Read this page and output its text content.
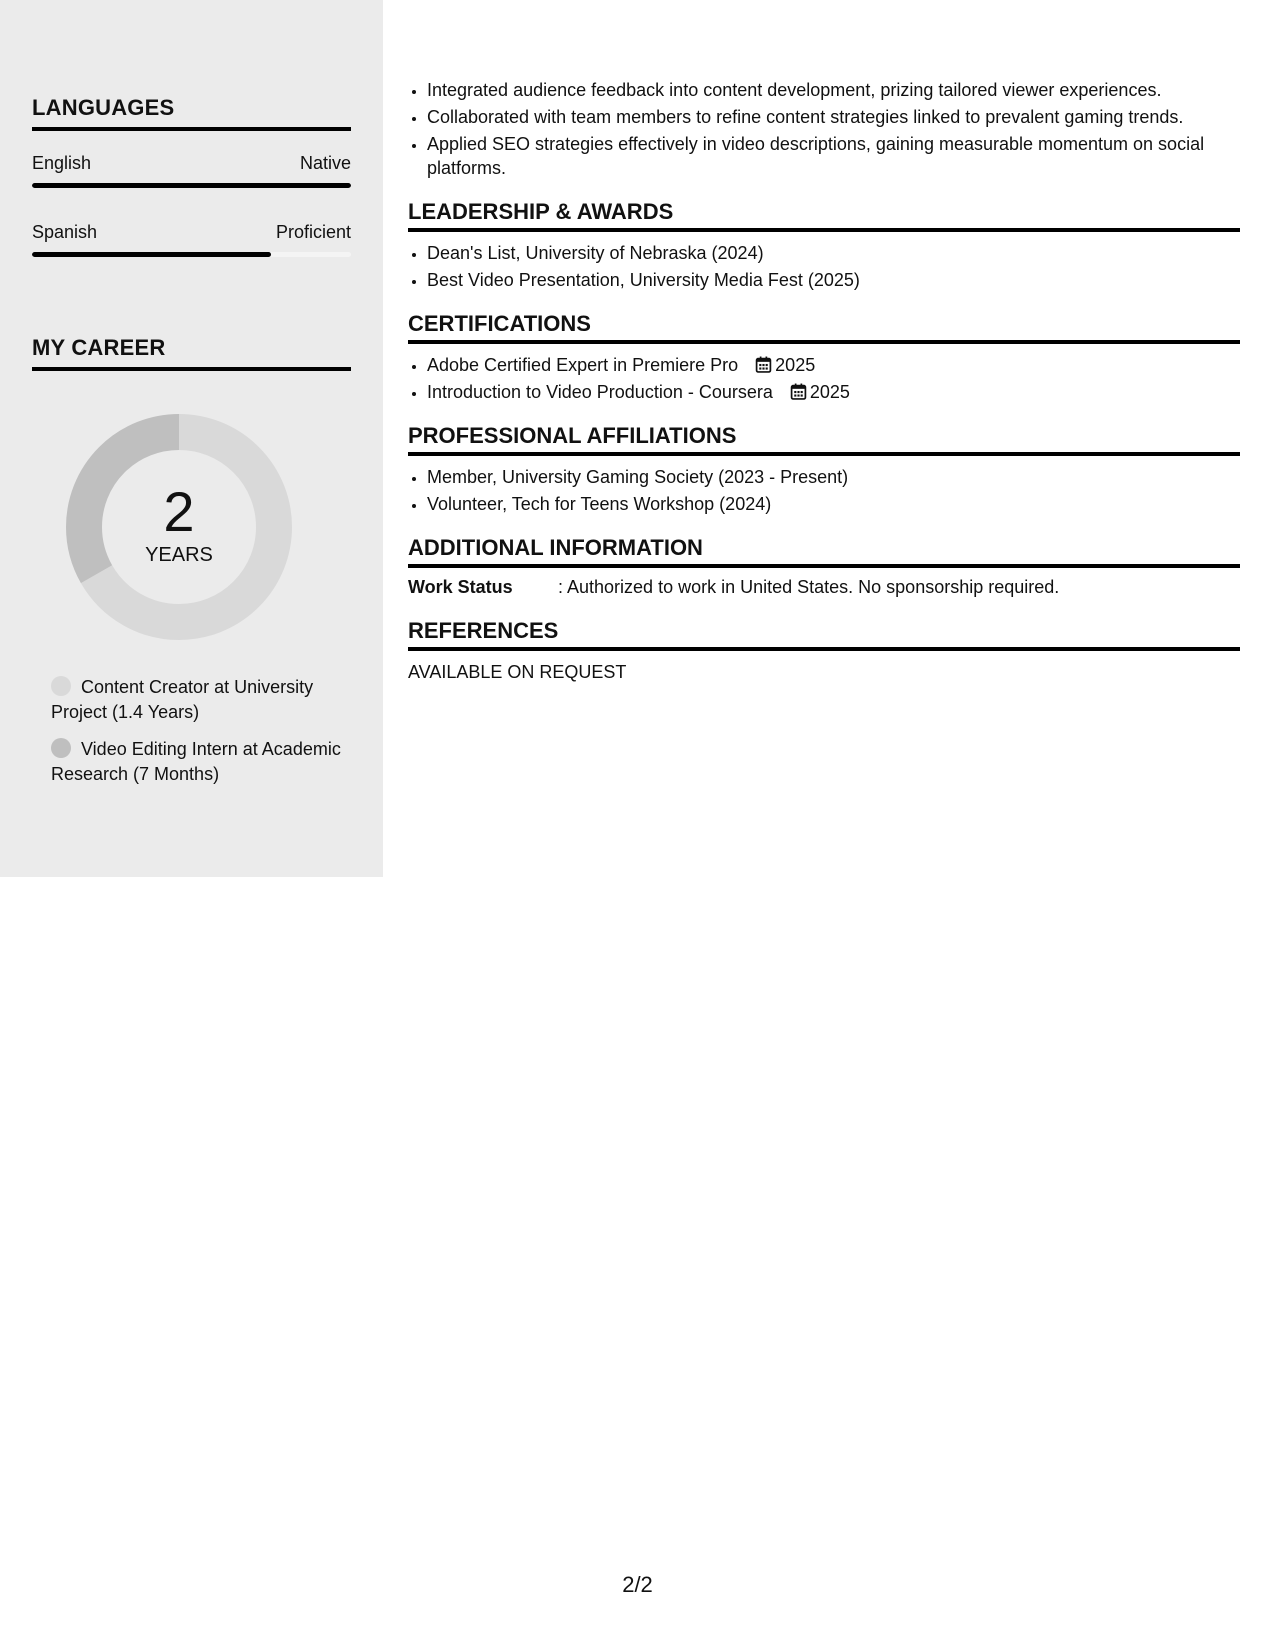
LANGUAGES
English	Native
Spanish	Proficient
MY CAREER
2
YEARS
Content Creator at University Project (1.4 Years)
Video Editing Intern at Academic Research (7 Months)
• Integrated audience feedback into content development, prizing tailored viewer experiences.
• Collaborated with team members to refine content strategies linked to prevalent gaming trends.
• Applied SEO strategies effectively in video descriptions, gaining measurable momentum on social platforms.
LEADERSHIP & AWARDS
• Dean's List, University of Nebraska (2024)
• Best Video Presentation, University Media Fest (2025)
CERTIFICATIONS
• Adobe Certified Expert in Premiere Pro 2025
• Introduction to Video Production - Coursera 2025
PROFESSIONAL AFFILIATIONS
• Member, University Gaming Society (2023 - Present)
• Volunteer, Tech for Teens Workshop (2024)
ADDITIONAL INFORMATION
Work Status	: Authorized to work in United States. No sponsorship required.
REFERENCES
AVAILABLE ON REQUEST
2/2
